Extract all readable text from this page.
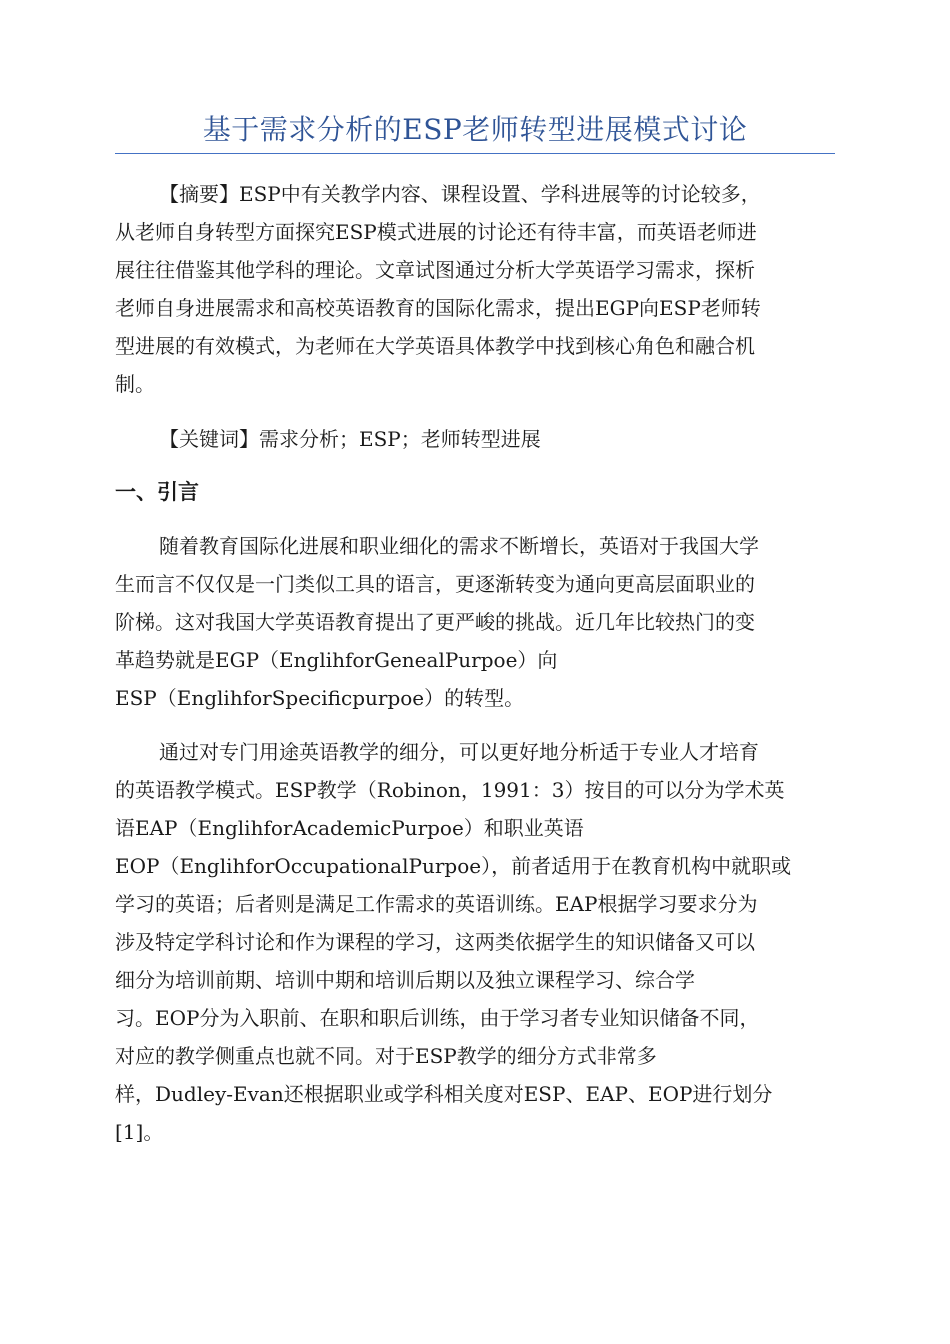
基于需求分析的ESP老师转型进展模式讨论

【摘要】ESP中有关教学内容、课程设置、学科进展等的讨论较多，
从老师自身转型方面探究ESP模式进展的讨论还有待丰富，而英语老师进
展往往借鉴其他学科的理论。文章试图通过分析大学英语学习需求，探析
老师自身进展需求和高校英语教育的国际化需求，提出EGP向ESP老师转
型进展的有效模式，为老师在大学英语具体教学中找到核心角色和融合机
制。

【关键词】需求分析；ESP；老师转型进展

一、引言

随着教育国际化进展和职业细化的需求不断增长，英语对于我国大学
生而言不仅仅是一门类似工具的语言，更逐渐转变为通向更高层面职业的
阶梯。这对我国大学英语教育提出了更严峻的挑战。近几年比较热门的变
革趋势就是EGP（EnglihforGenealPurpoe）向
ESP（EnglihforSpecificpurpoe）的转型。

通过对专门用途英语教学的细分，可以更好地分析适于专业人才培育
的英语教学模式。ESP教学（Robinon，1991：3）按目的可以分为学术英
语EAP（EnglihforAcademicPurpoe）和职业英语
EOP（EnglihforOccupationalPurpoe），前者适用于在教育机构中就职或
学习的英语；后者则是满足工作需求的英语训练。EAP根据学习要求分为
涉及特定学科讨论和作为课程的学习，这两类依据学生的知识储备又可以
细分为培训前期、培训中期和培训后期以及独立课程学习、综合学
习。EOP分为入职前、在职和职后训练，由于学习者专业知识储备不同，
对应的教学侧重点也就不同。对于ESP教学的细分方式非常多
样，Dudley-Evan还根据职业或学科相关度对ESP、EAP、EOP进行划分
[1]。
